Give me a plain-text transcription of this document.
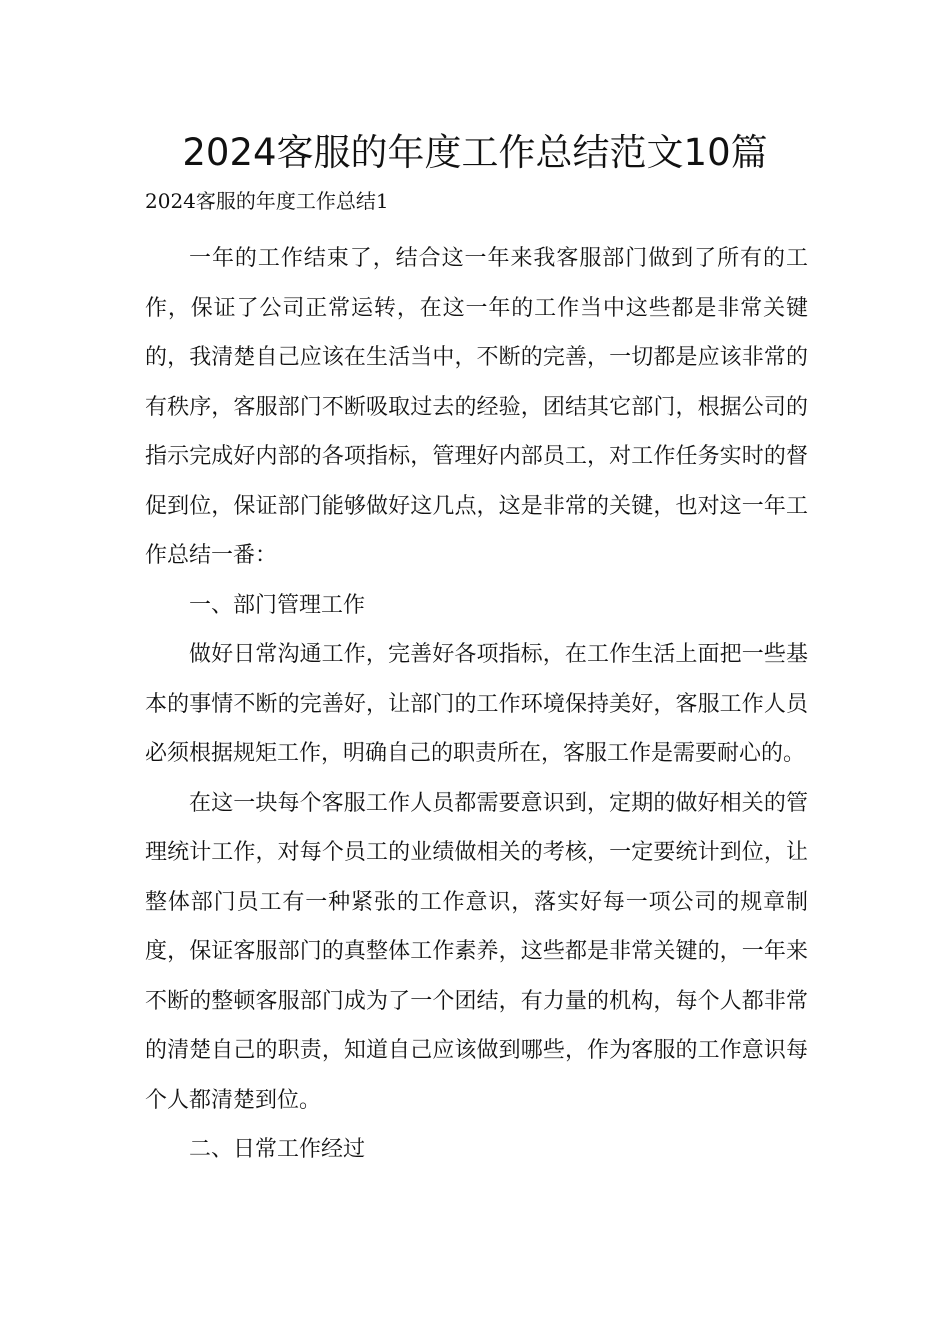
2024客服的年度工作总结范文10篇

2024客服的年度工作总结1

一年的工作结束了，结合这一年来我客服部门做到了所有的工作，保证了公司正常运转，在这一年的工作当中这些都是非常关键的，我清楚自己应该在生活当中，不断的完善，一切都是应该非常的有秩序，客服部门不断吸取过去的经验，团结其它部门，根据公司的指示完成好内部的各项指标，管理好内部员工，对工作任务实时的督促到位，保证部门能够做好这几点，这是非常的关键，也对这一年工作总结一番：

一、部门管理工作

做好日常沟通工作，完善好各项指标，在工作生活上面把一些基本的事情不断的完善好，让部门的工作环境保持美好，客服工作人员必须根据规矩工作，明确自己的职责所在，客服工作是需要耐心的。

在这一块每个客服工作人员都需要意识到，定期的做好相关的管理统计工作，对每个员工的业绩做相关的考核，一定要统计到位，让整体部门员工有一种紧张的工作意识，落实好每一项公司的规章制度，保证客服部门的真整体工作素养，这些都是非常关键的，一年来不断的整顿客服部门成为了一个团结，有力量的机构，每个人都非常的清楚自己的职责，知道自己应该做到哪些，作为客服的工作意识每个人都清楚到位。

二、日常工作经过
